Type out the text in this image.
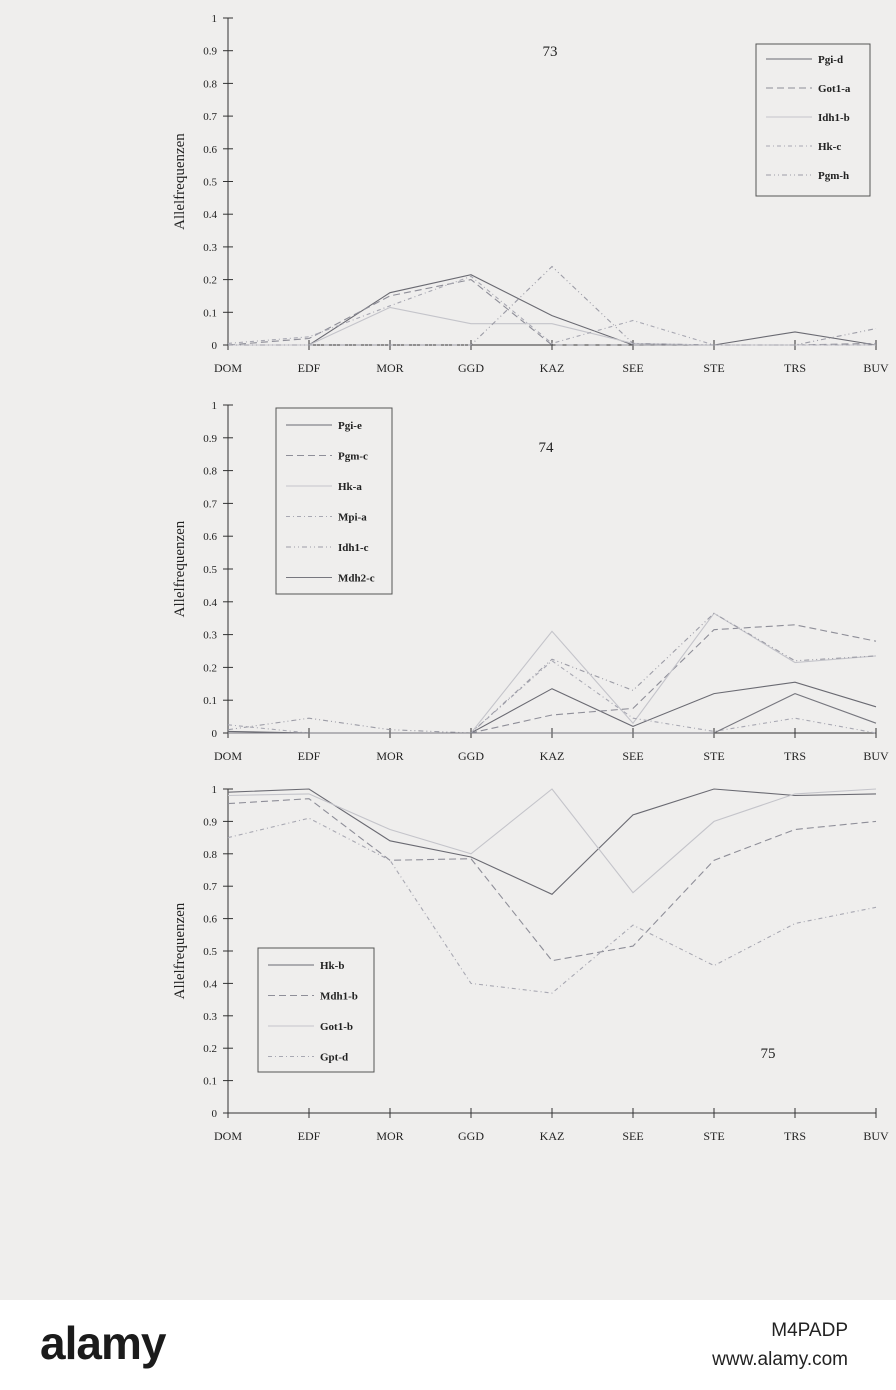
1
0.9
0.8
0.7
0.6
0.5
0.4
0.3
0.2
0.1
0
DOM	EDF	MOR	GGD	KAZ	SEE	STE	TRS	BUV
Allelfrequenzen
73	Pgi-d
Got1-a
Idh1-b
Hk-c
Pgm-h
1
0.9
0.8
0.7
0.6
0.5
0.4
0.3
0.2
0.1
0
DOM	EDF	MOR	GGD	KAZ	SEE	STE	TRS	BUV
Allelfrequenzen
74
Pgi-e
Pgm-c
Hk-a
Mpi-a
Idh1-c
Mdh2-c
1
0.9
0.8
0.7
0.6
0.5
0.4
0.3
0.2
0.1
0
DOM	EDF	MOR	GGD	KAZ	SEE	STE	TRS	BUV
Allelfrequenzen
75
Hk-b
Mdh1-b
Got1-b
Gpt-d
alamy	M4PADP
www.alamy.com
